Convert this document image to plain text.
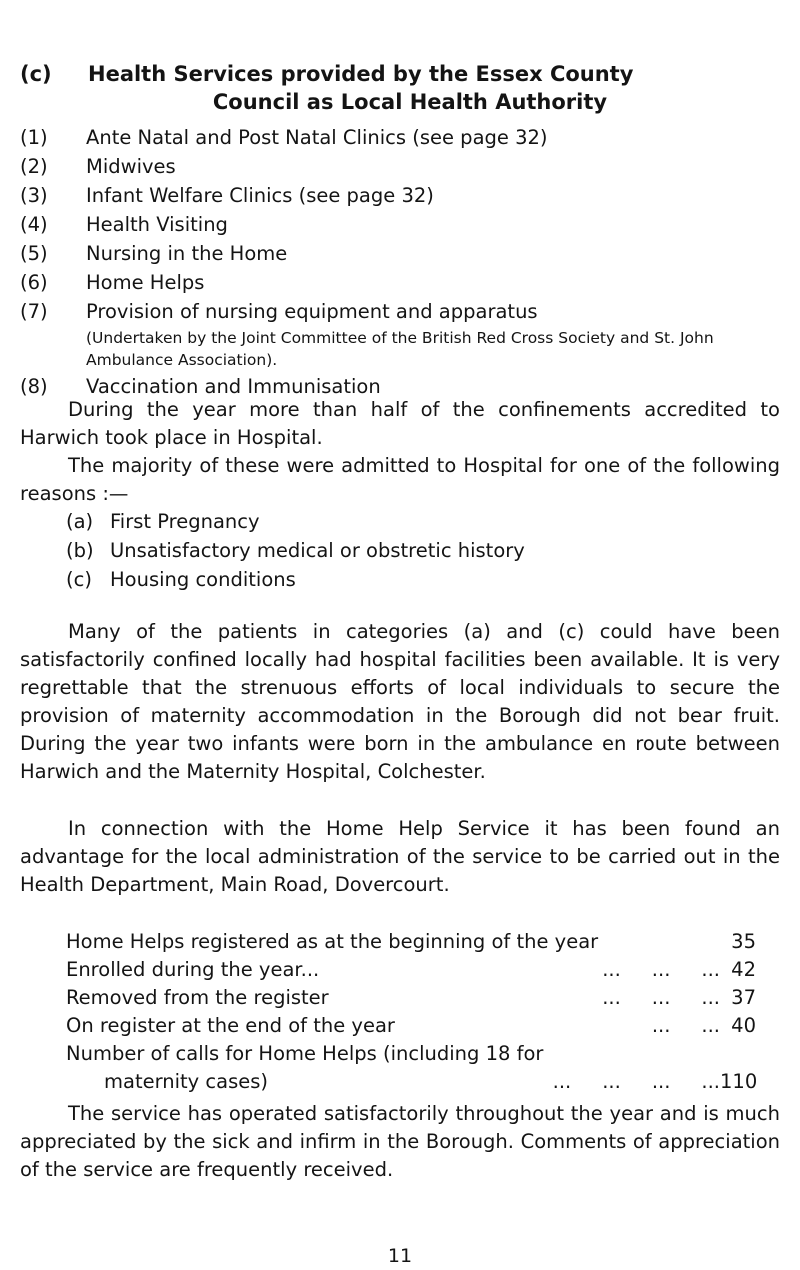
(c)	Health Services provided by the Essex County
Council as Local Health Authority
(1)	Ante Natal and Post Natal Clinics (see page 32)
(2)	Midwives
(3)	Infant Welfare Clinics (see page 32)
(4)	Health Visiting
(5)	Nursing in the Home
(6)	Home Helps
(7)	Provision of nursing equipment and apparatus
(Undertaken by the Joint Committee of the British Red Cross Society and St. John Ambulance Association).
(8)	Vaccination and Immunisation
During the year more than half of the confinements accredited to Harwich took place in Hospital.
The majority of these were admitted to Hospital for one of the following reasons :—
(a) First Pregnancy
(b) Unsatisfactory medical or obstretic history
(c) Housing conditions
Many of the patients in categories (a) and (c) could have been satisfactorily confined locally had hospital facilities been available. It is very regrettable that the strenuous efforts of local individuals to secure the provision of maternity accommodation in the Borough did not bear fruit. During the year two infants were born in the ambulance en route between Harwich and the Maternity Hospital, Colchester.
In connection with the Home Help Service it has been found an advantage for the local administration of the service to be carried out in the Health Department, Main Road, Dovercourt.
Home Helps registered as at the beginning of the year	35
Enrolled during the year...	...     ...     ... 42
Removed from the register	...     ...     ... 37
On register at the end of the year	...     ... 40
Number of calls for Home Helps (including 18 for
maternity cases)	...     ...     ...     ... 110
The service has operated satisfactorily throughout the year and is much appreciated by the sick and infirm in the Borough. Comments of appreciation of the service are frequently received.
11
